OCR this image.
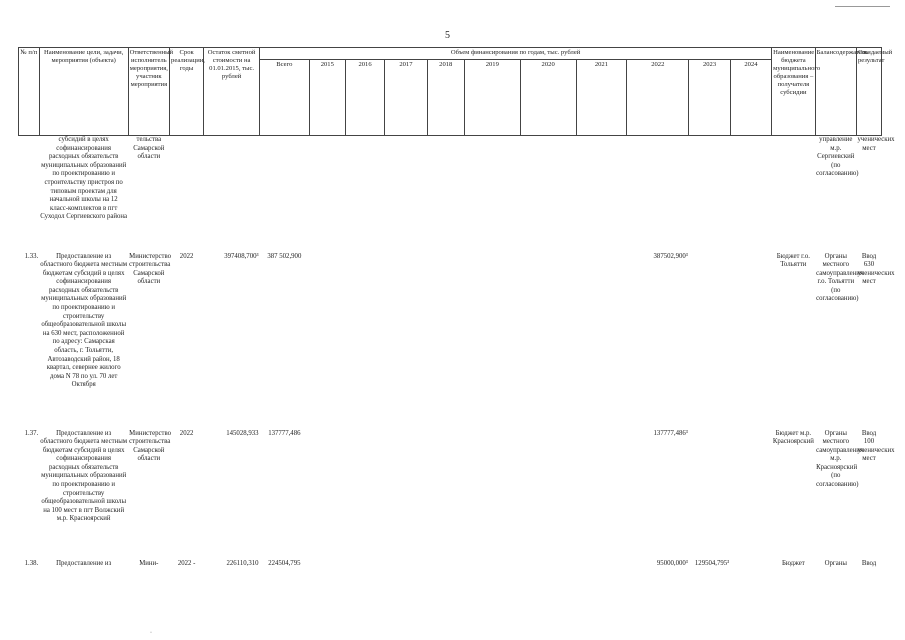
5
№ п/п	Наименование цели, задачи, мероприятия (объекта)	Ответственный исполнитель мероприятия, участник мероприятия	Срок реализации, годы	Остаток сметной стоимости на 01.01.2015, тыс. рублей	Объем финансирования по годам, тыс. рублей											Наименование бюджета муниципального образования – получателя субсидии	Балансодержатель	Ожидаемый результат
					Всего	2015	2016	2017	2018	2019	2020	2021	2022	2023	2024			
	субсидий в целях софинансирования расходных обязательств муниципальных образований по проектированию и строительству пристроя по типовым проектам для начальной школы на 12 класс-комплектов в пгт Суходол Сергиевского района	тельства Самарской области															управление м.р. Сергиевский (по согласованию)	ученических мест
1.33.	Предоставление из областного бюджета местным бюджетам субсидий в целях софинансирования расходных обязательств муниципальных образований по проектированию и строительству общеобразовательной школы на 630 мест, расположенной по адресу: Самарская область, г. Тольятти, Автозаводский район, 18 квартал, севернее жилого дома N 78 по ул. 70 лет Октября	Министерство строительства Самарской области	2022	397408,700³	387 502,900								387502,900³			Бюджет г.о. Тольятти	Органы местного самоуправления г.о. Тольятти (по согласованию)	Ввод 630 ученических мест
1.37.	Предоставление из областного бюджета местным бюджетам субсидий в целях софинансирования расходных обязательств муниципальных образований по проектированию и строительству общеобразовательной школы на 100 мест в пгт Волжский м.р. Красноярский	Министерство строительства Самарской области	2022	145028,933	137777,486								137777,486³			Бюджет м.р. Красноярский	Органы местного самоуправления м.р. Красноярский (по согласованию)	Ввод 100 ученических мест
1.38.	Предоставление из	Мини-	2022 -	226110,310	224504,795								95000,000³	129504,795³		Бюджет	Органы	Ввод
·
